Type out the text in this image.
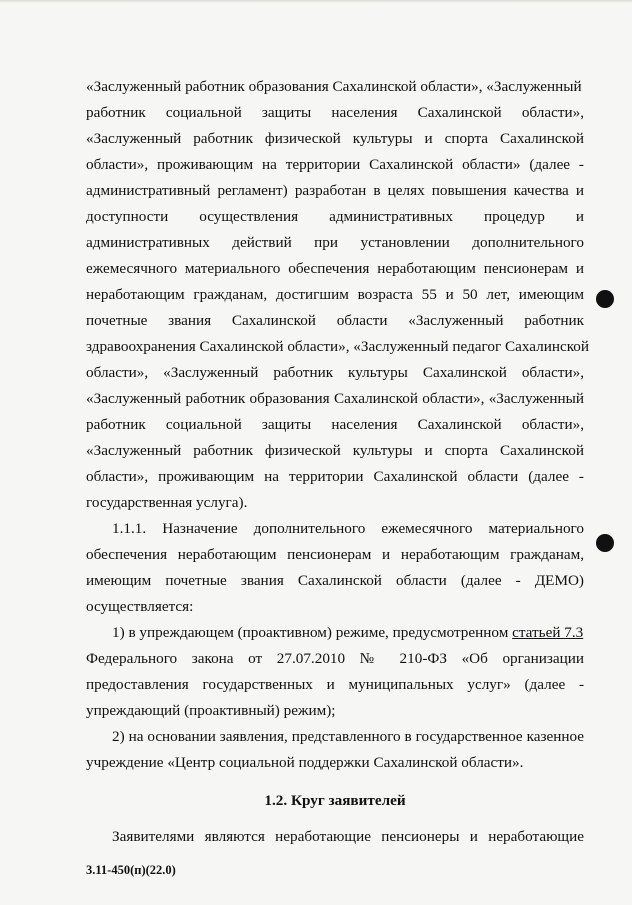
«Заслуженный работник образования Сахалинской области», «Заслуженный
работник социальной защиты населения Сахалинской области»,
«Заслуженный работник физической культуры и спорта Сахалинской
области», проживающим на территории Сахалинской области» (далее -
административный регламент) разработан в целях повышения качества и
доступности осуществления административных процедур и
административных действий при установлении дополнительного
ежемесячного материального обеспечения неработающим пенсионерам и
неработающим гражданам, достигшим возраста 55 и 50 лет, имеющим
почетные звания Сахалинской области «Заслуженный работник
здравоохранения Сахалинской области», «Заслуженный педагог Сахалинской
области», «Заслуженный работник культуры Сахалинской области»,
«Заслуженный работник образования Сахалинской области», «Заслуженный
работник социальной защиты населения Сахалинской области»,
«Заслуженный работник физической культуры и спорта Сахалинской
области», проживающим на территории Сахалинской области (далее -
государственная услуга).
1.1.1. Назначение дополнительного ежемесячного материального
обеспечения неработающим пенсионерам и неработающим гражданам,
имеющим почетные звания Сахалинской области (далее - ДЕМО)
осуществляется:
1) в упреждающем (проактивном) режиме, предусмотренном статьей 7.3
Федерального закона от 27.07.2010 № 210-ФЗ «Об организации
предоставления государственных и муниципальных услуг» (далее -
упреждающий (проактивный) режим);
2) на основании заявления, представленного в государственное казенное
учреждение «Центр социальной поддержки Сахалинской области».
1.2. Круг заявителей
Заявителями являются неработающие пенсионеры и неработающие
3.11-450(п)(22.0)
